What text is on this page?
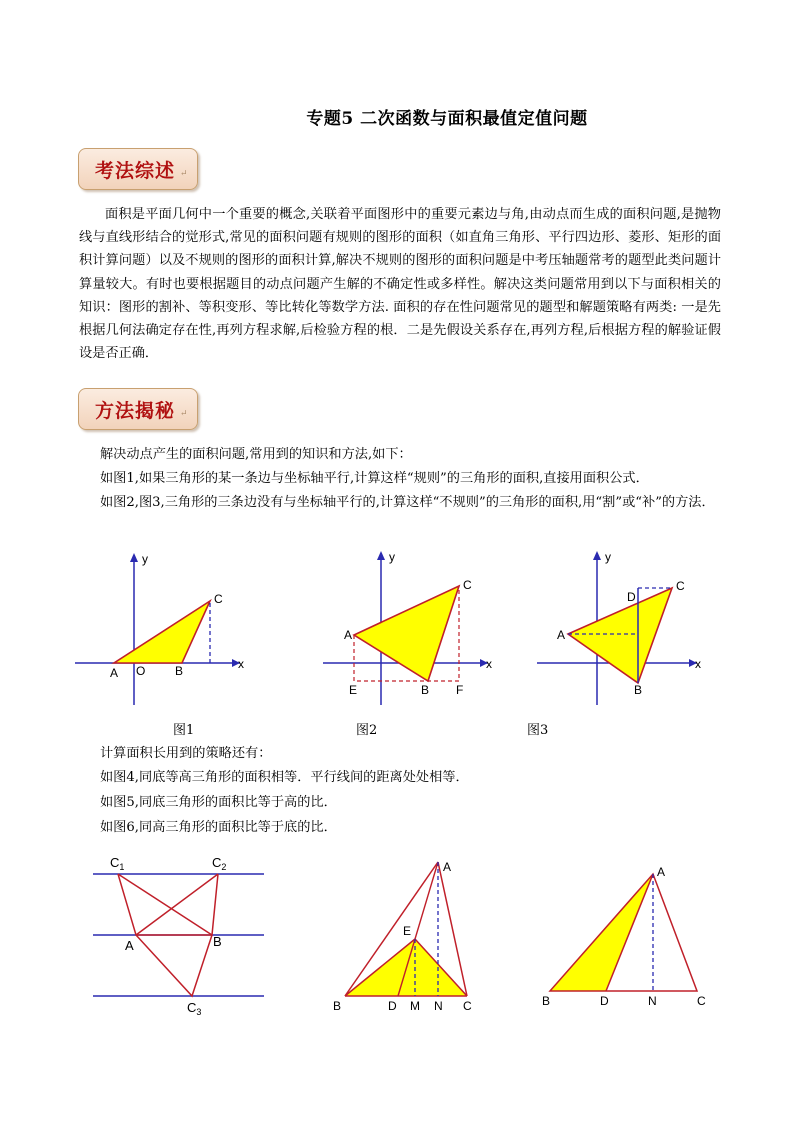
专题5 二次函数与面积最值定值问题
考法综述 ↵
面积是平面几何中一个重要的概念,关联着平面图形中的重要元素边与角,由动点而生成的面积问题,是抛物线与直线形结合的觉形式,常见的面积问题有规则的图形的面积（如直角三角形、平行四边形、菱形、矩形的面积计算问题）以及不规则的图形的面积计算,解决不规则的图形的面积问题是中考压轴题常考的题型此类问题计算量较大。有时也要根据题目的动点问题产生解的不确定性或多样性。解决这类问题常用到以下与面积相关的知识：图形的割补、等积变形、等比转化等数学方法. 面积的存在性问题常见的题型和解题策略有两类: 一是先根据几何法确定存在性,再列方程求解,后检验方程的根．二是先假设关系存在,再列方程,后根据方程的解验证假设是否正确．
方法揭秘 ↵
解决动点产生的面积问题,常用到的知识和方法,如下：
如图1,如果三角形的某一条边与坐标轴平行,计算这样“规则”的三角形的面积,直接用面积公式．
如图2,图3,三角形的三条边没有与坐标轴平行的,计算这样“不规则”的三角形的面积,用“割”或“补”的方法．
x
y
A O B
C
x
y
A
C
B
E	F
x
y
A
C
D
B
图1	图2	图3
计算面积长用到的策略还有：
如图4,同底等高三角形的面积相等．平行线间的距离处处相等．
如图5,同底三角形的面积比等于高的比．
如图6,同高三角形的面积比等于底的比．
$C_1$	$C_2$
A	B
$C_3$
A
E
B	D M N C
A
B	D	N	C
